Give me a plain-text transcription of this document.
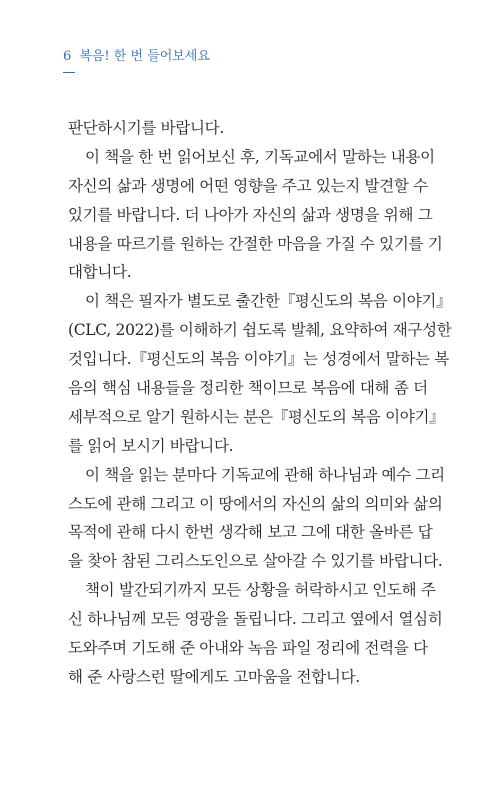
6 복음! 한 번 들어보세요
판단하시기를 바랍니다.
이 책을 한 번 읽어보신 후, 기독교에서 말하는 내용이
자신의 삶과 생명에 어떤 영향을 주고 있는지 발견할 수
있기를 바랍니다. 더 나아가 자신의 삶과 생명을 위해 그
내용을 따르기를 원하는 간절한 마음을 가질 수 있기를 기
대합니다.
이 책은 필자가 별도로 출간한『평신도의 복음 이야기』
(CLC, 2022)를 이해하기 쉽도록 발췌, 요약하여 재구성한
것입니다.『평신도의 복음 이야기』는 성경에서 말하는 복
음의 핵심 내용들을 정리한 책이므로 복음에 대해 좀 더
세부적으로 알기 원하시는 분은『평신도의 복음 이야기』
를 읽어 보시기 바랍니다.
이 책을 읽는 분마다 기독교에 관해 하나님과 예수 그리
스도에 관해 그리고 이 땅에서의 자신의 삶의 의미와 삶의
목적에 관해 다시 한번 생각해 보고 그에 대한 올바른 답
을 찾아 참된 그리스도인으로 살아갈 수 있기를 바랍니다.
책이 발간되기까지 모든 상황을 허락하시고 인도해 주
신 하나님께 모든 영광을 돌립니다. 그리고 옆에서 열심히
도와주며 기도해 준 아내와 녹음 파일 정리에 전력을 다
해 준 사랑스런 딸에게도 고마움을 전합니다.
